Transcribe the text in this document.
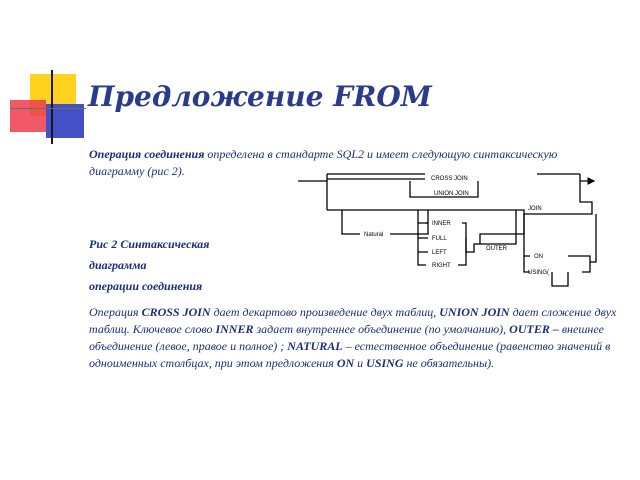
Предложение FROM
Операция соединения определена в стандарте SQL2 и имеет следующую синтаксическую диаграмму (рис 2).
Рис 2 Синтаксическая диаграмма
операции соединения
Операция CROSS JOIN дает декартово произведение двух таблиц, UNION JOIN дает сложение двух таблиц. Ключевое слово INNER задает внутреннее объединение (по умолчанию), OUTER – внешнее объединение (левое, правое и полное) ; NATURAL – естественное объединение (равенство значений в одноименных столбцах, при этом предложения ON и USING не обязательны).
CROSS JOIN
UNION JOIN
JOIN
Natural
INNER
FULL
LEFT
RIGHT
OUTER
ON
USING(
